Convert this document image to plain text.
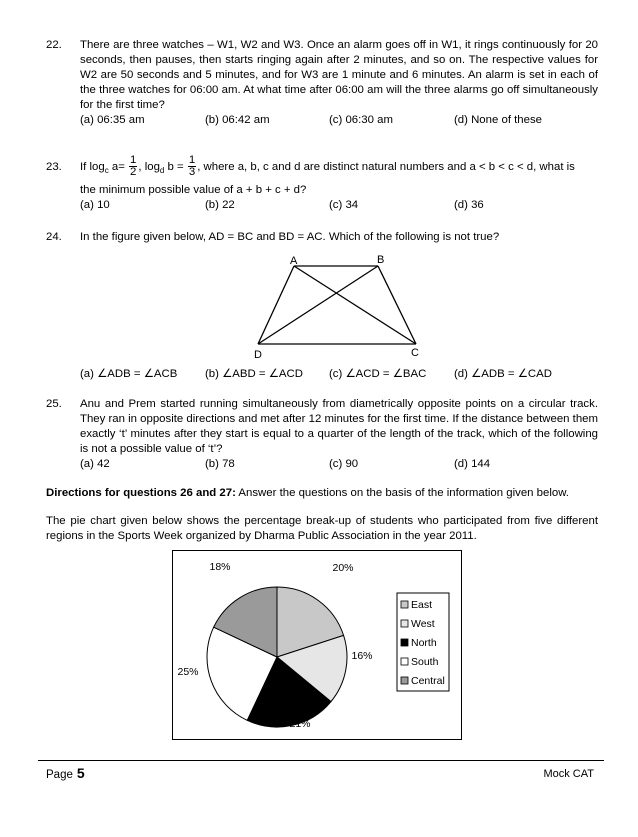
22. There are three watches – W1, W2 and W3. Once an alarm goes off in W1, it rings continuously for 20 seconds, then pauses, then starts ringing again after 2 minutes, and so on. The respective values for W2 are 50 seconds and 5 minutes, and for W3 are 1 minute and 6 minutes. An alarm is set in each of the three watches for 06:00 am. At what time after 06:00 am will the three alarms go off simultaneously for the first time?
(a) 06:35 am	(b) 06:42 am	(c) 06:30 am	(d) None of these
23. If $\log_c a= \frac{1}{2}$ , $\log_d b = \frac{1}{3}$ , where a, b, c and d are distinct natural numbers and a < b < c < d, what is
the minimum possible value of a + b + c + d?
(a) 10	(b) 22	(c) 34	(d) 36
24. In the figure given below, AD = BC and BD = AC. Which of the following is not true?
A	B
C
D
(a) ∠ADB = ∠ACB (b) ∠ABD = ∠ACD (c) ∠ACD = ∠BAC (d) ∠ADB = ∠CAD
25. Anu and Prem started running simultaneously from diametrically opposite points on a circular track. They ran in opposite directions and met after 12 minutes for the first time. If the distance between them exactly ‘t’ minutes after they start is equal to a quarter of the length of the track, which of the following is not a possible value of ‘t’?
(a) 42	(b) 78	(c) 90	(d) 144
Directions for questions 26 and 27: Answer the questions on the basis of the information given below.
The pie chart given below shows the percentage break-up of students who participated from five different regions in the Sports Week organized by Dharma Public Association in the year 2011.
20%
16%
21%
25%
18%
East
West
North
South
Central
Page 5	Mock CAT
